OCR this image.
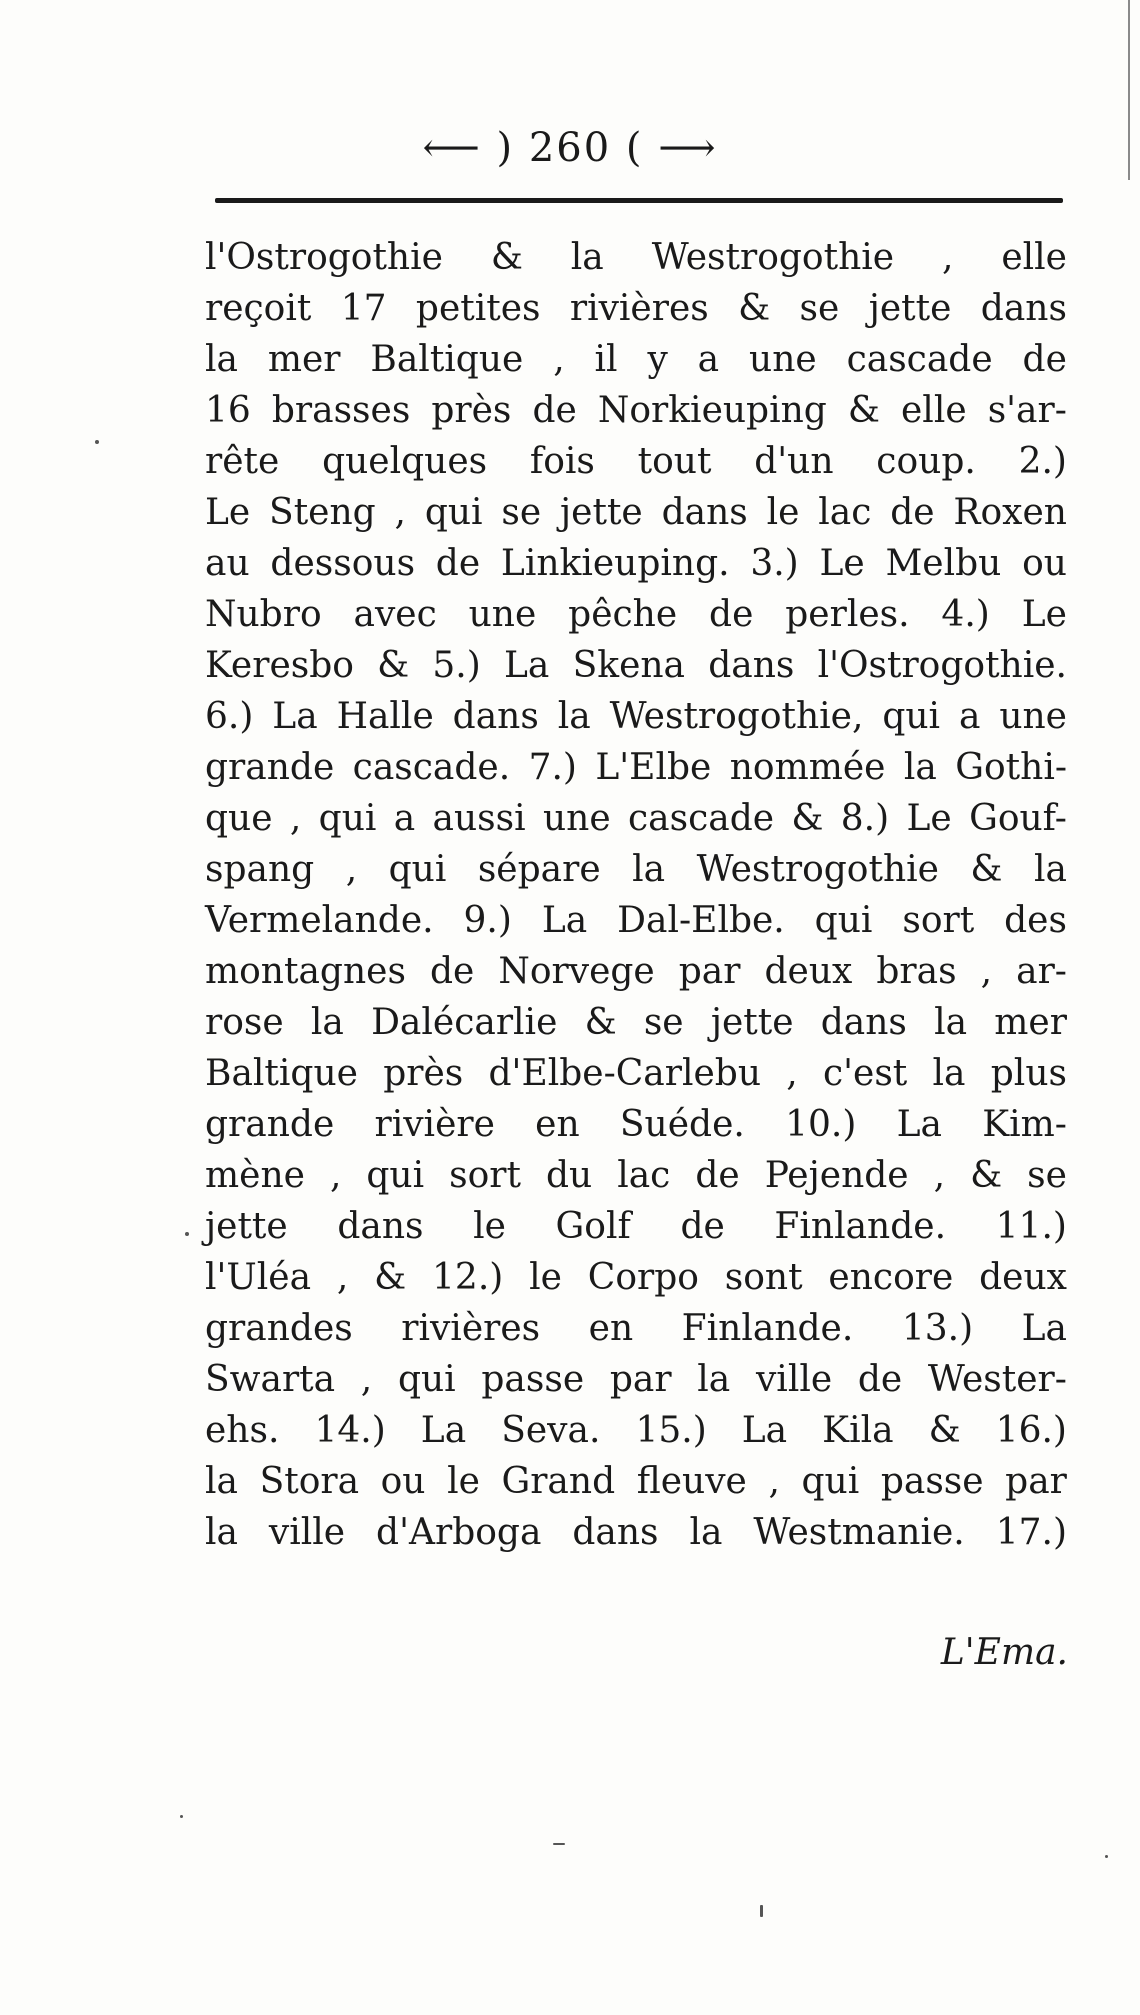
⟵ ) 260 ( ⟶
l'Ostrogothie & la Westrogothie , elle
reçoit 17 petites rivières & se jette dans
la mer Baltique , il y a une cascade de
16 brasses près de Norkieuping & elle s'ar-
rête quelques fois tout d'un coup. 2.)
Le Steng , qui se jette dans le lac de Roxen
au dessous de Linkieuping. 3.) Le Melbu ou
Nubro avec une pêche de perles. 4.) Le
Keresbo & 5.) La Skena dans l'Ostrogothie.
6.) La Halle dans la Westrogothie, qui a une
grande cascade. 7.) L'Elbe nommée la Gothi-
que , qui a aussi une cascade & 8.) Le Gouf-
spang , qui sépare la Westrogothie & la
Vermelande. 9.) La Dal-Elbe. qui sort des
montagnes de Norvege par deux bras , ar-
rose la Dalécarlie & se jette dans la mer
Baltique près d'Elbe-Carlebu , c'est la plus
grande rivière en Suéde. 10.) La Kim-
mène , qui sort du lac de Pejende , & se
jette dans le Golf de Finlande. 11.)
l'Uléa , & 12.) le Corpo sont encore deux
grandes rivières en Finlande. 13.) La
Swarta , qui passe par la ville de Wester-
ehs. 14.) La Seva. 15.) La Kila & 16.)
la Stora ou le Grand fleuve , qui passe par
la ville d'Arboga dans la Westmanie. 17.)
L'Ema.
